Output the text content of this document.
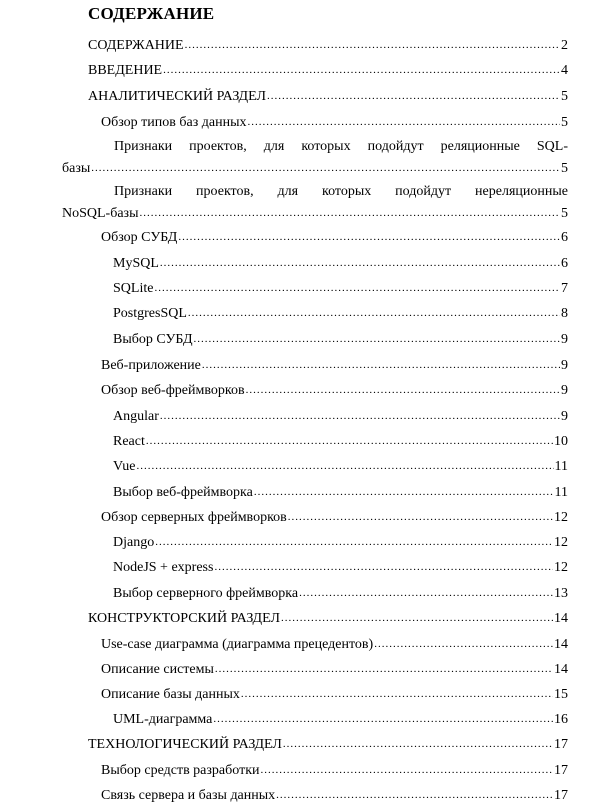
СОДЕРЖАНИЕ
СОДЕРЖАНИЕ .....	2
ВВЕДЕНИЕ .....	4
АНАЛИТИЧЕСКИЙ РАЗДЕЛ .....	5
Обзор типов баз данных .....	5
Признаки проектов, для которых подойдут реляционные SQL-
базы .....	5
Признаки проектов, для которых подойдут нереляционные
NoSQL-базы .....	5
Обзор СУБД .....	6
MySQL .....	6
SQLite .....	7
PostgresSQL .....	8
Выбор СУБД .....	9
Веб-приложение .....	9
Обзор веб-фреймворков .....	9
Angular .....	9
React .....	10
Vue .....	11
Выбор веб-фреймворка .....	11
Обзор серверных фреймворков .....	12
Django .....	12
NodeJS + express .....	12
Выбор серверного фреймворка .....	13
КОНСТРУКТОРСКИЙ РАЗДЕЛ .....	14
Use-case диаграмма (диаграмма прецедентов) .....	14
Описание системы .....	14
Описание базы данных .....	15
UML-диаграмма .....	16
ТЕХНОЛОГИЧЕСКИЙ РАЗДЕЛ .....	17
Выбор средств разработки .....	17
Связь сервера и базы данных .....	17
